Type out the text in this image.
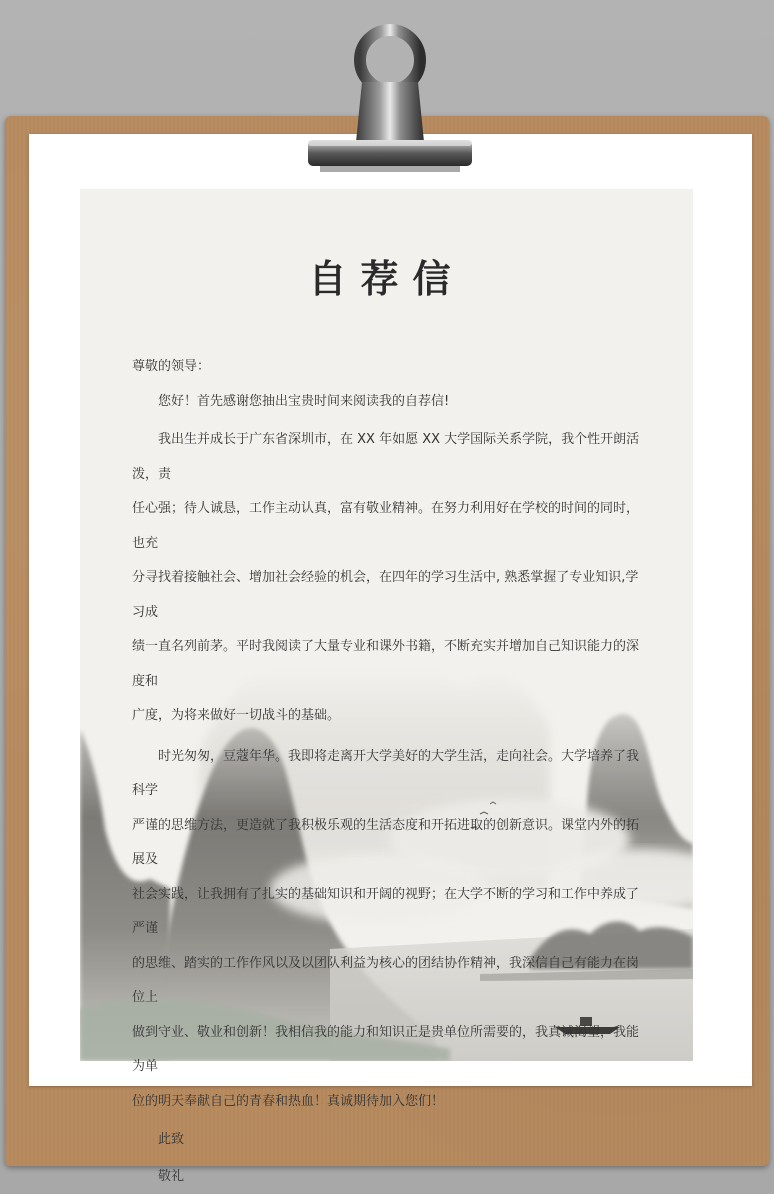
自荐信

尊敬的领导：

您好！首先感谢您抽出宝贵时间来阅读我的自荐信!

我出生并成长于广东省深圳市，在 XX 年如愿 XX 大学国际关系学院，我个性开朗活泼，责

任心强；待人诚恳，工作主动认真，富有敬业精神。在努力利用好在学校的时间的同时，也充

分寻找着接触社会、增加社会经验的机会，在四年的学习生活中, 熟悉掌握了专业知识,学习成

绩一直名列前茅。平时我阅读了大量专业和课外书籍，不断充实并增加自己知识能力的深度和

广度，为将来做好一切战斗的基础。

时光匆匆，豆蔻年华。我即将走离开大学美好的大学生活，走向社会。大学培养了我科学

严谨的思维方法，更造就了我积极乐观的生活态度和开拓进取的创新意识。课堂内外的拓展及

社会实践，让我拥有了扎实的基础知识和开阔的视野；在大学不断的学习和工作中养成了严谨

的思维、踏实的工作作风以及以团队利益为核心的团结协作精神，我深信自己有能力在岗位上

做到守业、敬业和创新！我相信我的能力和知识正是贵单位所需要的，我真诚渴望，我能为单

位的明天奉献自己的青春和热血！真诚期待加入您们！

此致

敬礼
